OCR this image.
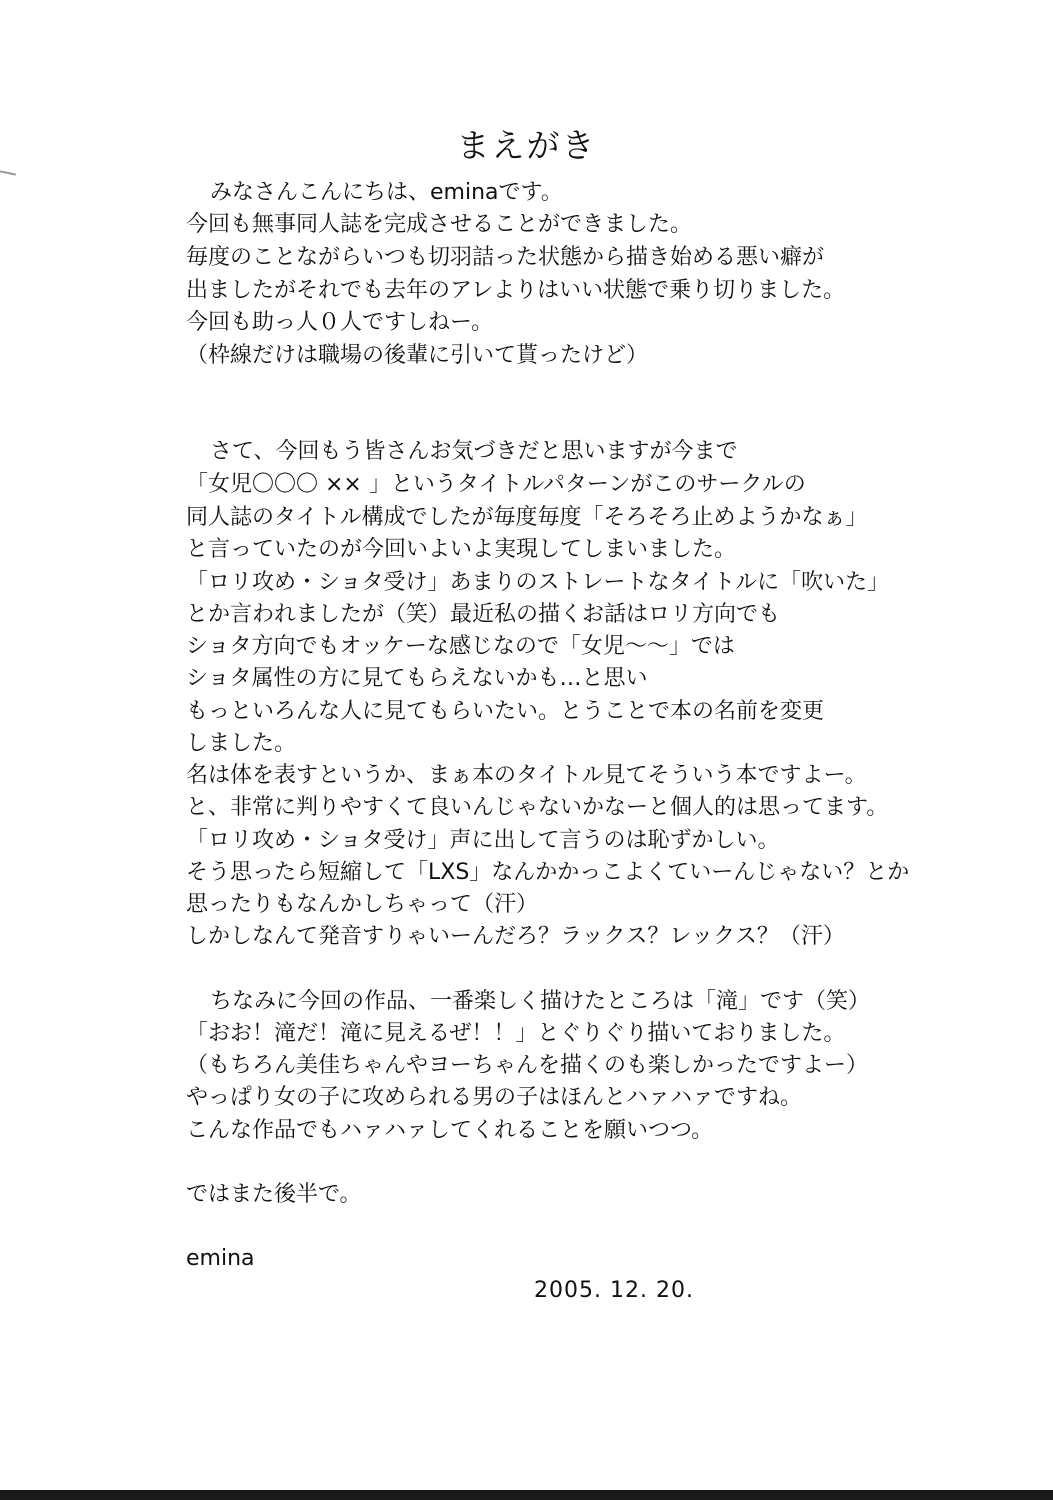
まえがき
みなさんこんにちは、eminaです。
今回も無事同人誌を完成させることができました。
毎度のことながらいつも切羽詰った状態から描き始める悪い癖が
出ましたがそれでも去年のアレよりはいい状態で乗り切りました。
今回も助っ人０人ですしねー。
（枠線だけは職場の後輩に引いて貰ったけど）
さて、今回もう皆さんお気づきだと思いますが今まで
「女児〇〇〇 ×× 」というタイトルパターンがこのサークルの
同人誌のタイトル構成でしたが毎度毎度「そろそろ止めようかなぁ」
と言っていたのが今回いよいよ実現してしまいました。
「ロリ攻め・ショタ受け」あまりのストレートなタイトルに「吹いた」
とか言われましたが（笑）最近私の描くお話はロリ方向でも
ショタ方向でもオッケーな感じなので「女児～～」では
ショタ属性の方に見てもらえないかも…と思い
もっといろんな人に見てもらいたい。とうことで本の名前を変更
しました。
名は体を表すというか、まぁ本のタイトル見てそういう本ですよー。
と、非常に判りやすくて良いんじゃないかなーと個人的は思ってます。
「ロリ攻め・ショタ受け」声に出して言うのは恥ずかしい。
そう思ったら短縮して「LXS」なんかかっこよくていーんじゃない？とか
思ったりもなんかしちゃって（汗）
しかしなんて発音すりゃいーんだろ？ラックス？レックス？（汗）
ちなみに今回の作品、一番楽しく描けたところは「滝」です（笑）
「おお！滝だ！滝に見えるぜ！！」とぐりぐり描いておりました。
（もちろん美佳ちゃんやヨーちゃんを描くのも楽しかったですよー）
やっぱり女の子に攻められる男の子はほんとハァハァですね。
こんな作品でもハァハァしてくれることを願いつつ。
ではまた後半で。
emina
2005. 12. 20.
